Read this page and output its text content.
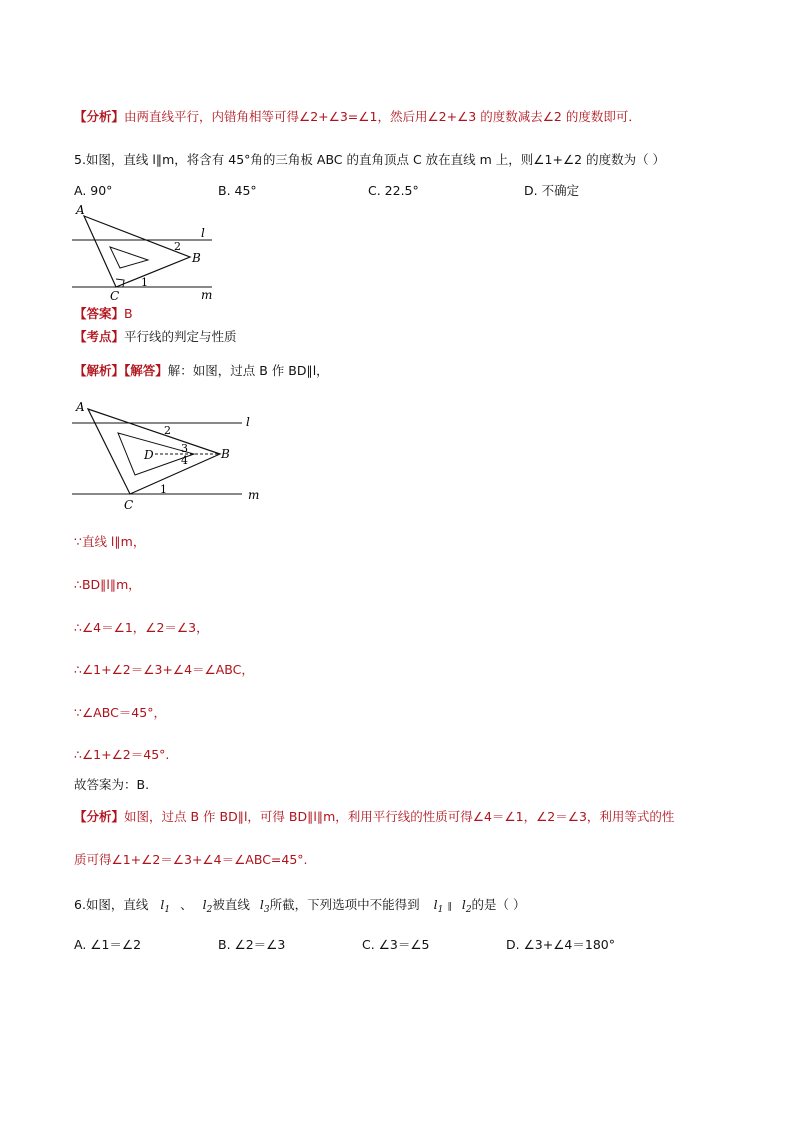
【分析】由两直线平行，内错角相等可得∠2+∠3=∠1，然后用∠2+∠3 的度数减去∠2 的度数即可．
5.如图，直线 l∥m，将含有 45°角的三角板 ABC 的直角顶点 C 放在直线 m 上，则∠1+∠2 的度数为（ ）
A. 90°	B. 45°	C. 22.5°	D. 不确定
A
B
C
l
m
2
1
【答案】B
【考点】平行线的判定与性质
【解析】【解答】解：如图，过点 B 作 BD∥l，
A
B
C
D
l
m
2
3
4
1
∵直线 l∥m，
∴BD∥l∥m，
∴∠4＝∠1，∠2＝∠3，
∴∠1+∠2＝∠3+∠4＝∠ABC，
∵∠ABC＝45°，
∴∠1+∠2＝45°.
故答案为：B.
【分析】如图，过点 B 作 BD∥l，可得 BD∥l∥m，利用平行线的性质可得∠4＝∠1，∠2＝∠3，利用等式的性
质可得∠1+∠2＝∠3+∠4＝∠ABC=45°.
6.如图，直线 $l_1$ 、 $l_2$被直线 $l_3$所截，下列选项中不能得到 $l_1$ ∥ $l_2$的是（ ）
A. ∠1＝∠2	B. ∠2＝∠3	C. ∠3＝∠5	D. ∠3+∠4＝180°
